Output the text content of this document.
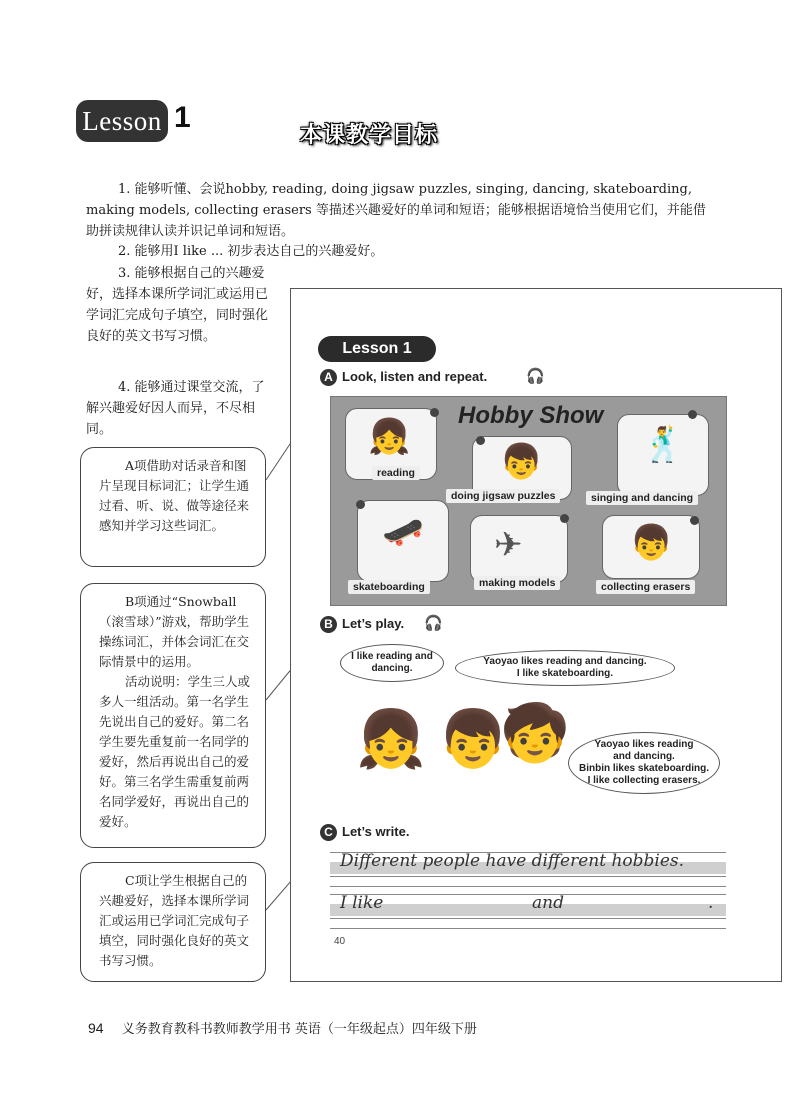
Lesson 1
本课教学目标
1. 能够听懂、会说hobby, reading, doing jigsaw puzzles, singing, dancing, skateboarding, making models, collecting erasers 等描述兴趣爱好的单词和短语；能够根据语境恰当使用它们，并能借助拼读规律认读并识记单词和短语。
2. 能够用I like ... 初步表达自己的兴趣爱好。
3. 能够根据自己的兴趣爱好，选择本课所学词汇或运用已学词汇完成句子填空，同时强化良好的英文书写习惯。
4. 能够通过课堂交流，了解兴趣爱好因人而异，不尽相同。

A项借助对话录音和图片呈现目标词汇；让学生通过看、听、说、做等途径来感知并学习这些词汇。

B项通过“Snowball（滚雪球）”游戏，帮助学生操练词汇，并体会词汇在交际情景中的运用。

活动说明：学生三人或多人一组活动。第一名学生先说出自己的爱好。第二名学生要先重复前一名同学的爱好，然后再说出自己的爱好。第三名学生需重复前两名同学爱好，再说出自己的爱好。

C项让学生根据自己的兴趣爱好，选择本课所学词汇或运用已学词汇完成句子填空，同时强化良好的英文书写习惯。

Lesson 1
A Look, listen and repeat.	🎧
Hobby Show
👧
reading	👦
doing jigsaw puzzles
🕺
singing and dancing
🛹
skateboarding
✈
making models
👦
collecting erasers
B Let’s play. 🎧
I like reading and dancing.
Yaoyao likes reading and dancing.
I like skateboarding.
Yaoyao likes reading
and dancing.
Binbin likes skateboarding.
I like collecting erasers.
👧 👦
🧒
C Let’s write.
Different people have different hobbies.
I like	and	.
40
94 义务教育教科书教师教学用书 英语（一年级起点）四年级下册
